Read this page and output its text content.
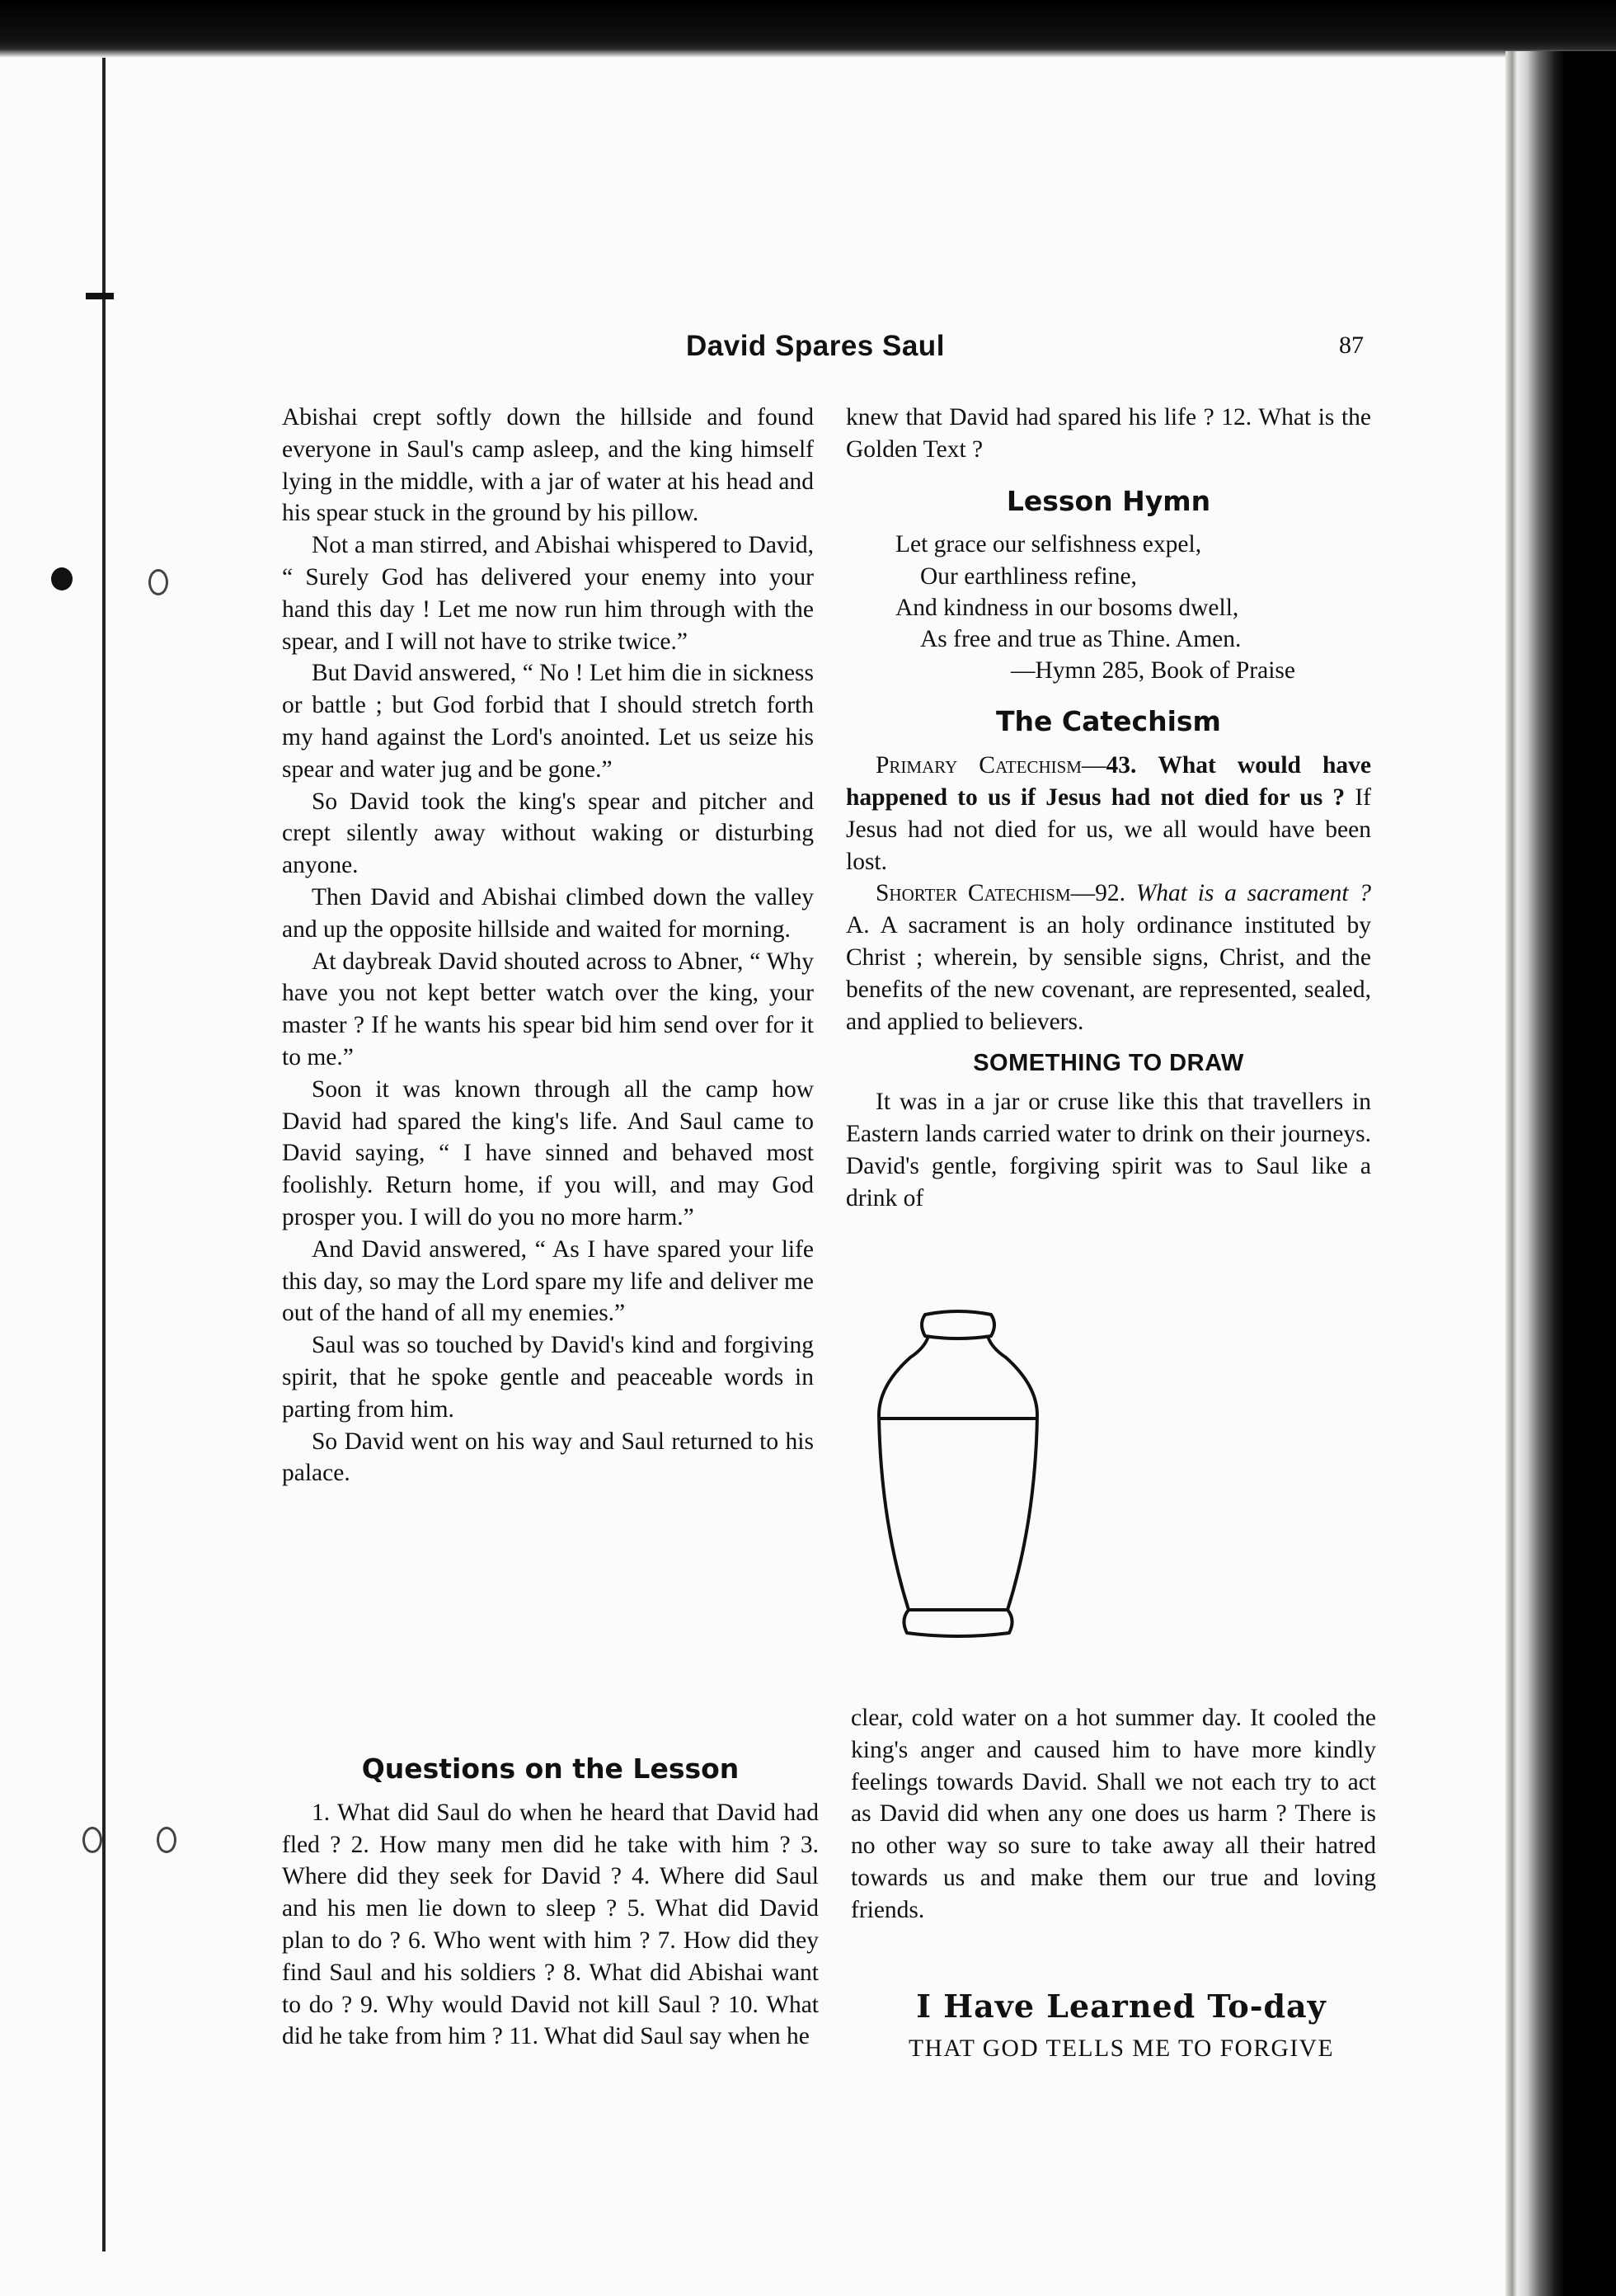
David Spares Saul	87

Abishai crept softly down the hillside and found everyone in Saul's camp asleep, and the king himself lying in the middle, with a jar of water at his head and his spear stuck in the ground by his pillow.

Not a man stirred, and Abishai whispered to David, “ Surely God has delivered your enemy into your hand this day ! Let me now run him through with the spear, and I will not have to strike twice.”

But David answered, “ No ! Let him die in sickness or battle ; but God forbid that I should stretch forth my hand against the Lord's anointed. Let us seize his spear and water jug and be gone.”

So David took the king's spear and pitcher and crept silently away without waking or disturbing anyone.

Then David and Abishai climbed down the valley and up the opposite hillside and waited for morning.

At daybreak David shouted across to Abner, “ Why have you not kept better watch over the king, your master ? If he wants his spear bid him send over for it to me.”

Soon it was known through all the camp how David had spared the king's life. And Saul came to David saying, “ I have sinned and behaved most foolishly. Return home, if you will, and may God prosper you. I will do you no more harm.”

And David answered, “ As I have spared your life this day, so may the Lord spare my life and deliver me out of the hand of all my enemies.”

Saul was so touched by David's kind and forgiving spirit, that he spoke gentle and peaceable words in parting from him.

So David went on his way and Saul returned to his palace.

Questions on the Lesson

1. What did Saul do when he heard that David had fled ? 2. How many men did he take with him ? 3. Where did they seek for David ? 4. Where did Saul and his men lie down to sleep ? 5. What did David plan to do ? 6. Who went with him ? 7. How did they find Saul and his soldiers ? 8. What did Abishai want to do ? 9. Why would David not kill Saul ? 10. What did he take from him ? 11. What did Saul say when he

knew that David had spared his life ? 12. What is the Golden Text ?

Lesson Hymn
Let grace our selfishness expel,
Our earthliness refine,
And kindness in our bosoms dwell,
As free and true as Thine. Amen.
—Hymn 285, Book of Praise
The Catechism

Primary Catechism—43. What would have happened to us if Jesus had not died for us ? If Jesus had not died for us, we all would have been lost.

Shorter Catechism—92. What is a sacrament ? A. A sacrament is an holy ordinance instituted by Christ ; wherein, by sensible signs, Christ, and the benefits of the new covenant, are represented, sealed, and applied to believers.

SOMETHING TO DRAW

It was in a jar or cruse like this that travellers in Eastern lands carried water to drink on their journeys. David's gentle, forgiving spirit was to Saul like a drink of

clear, cold water on a hot summer day. It cooled the king's anger and caused him to have more kindly feelings towards David. Shall we not each try to act as David did when any one does us harm ? There is no other way so sure to take away all their hatred towards us and make them our true and loving friends.

I Have Learned To-day
THAT GOD TELLS ME TO FORGIVE
